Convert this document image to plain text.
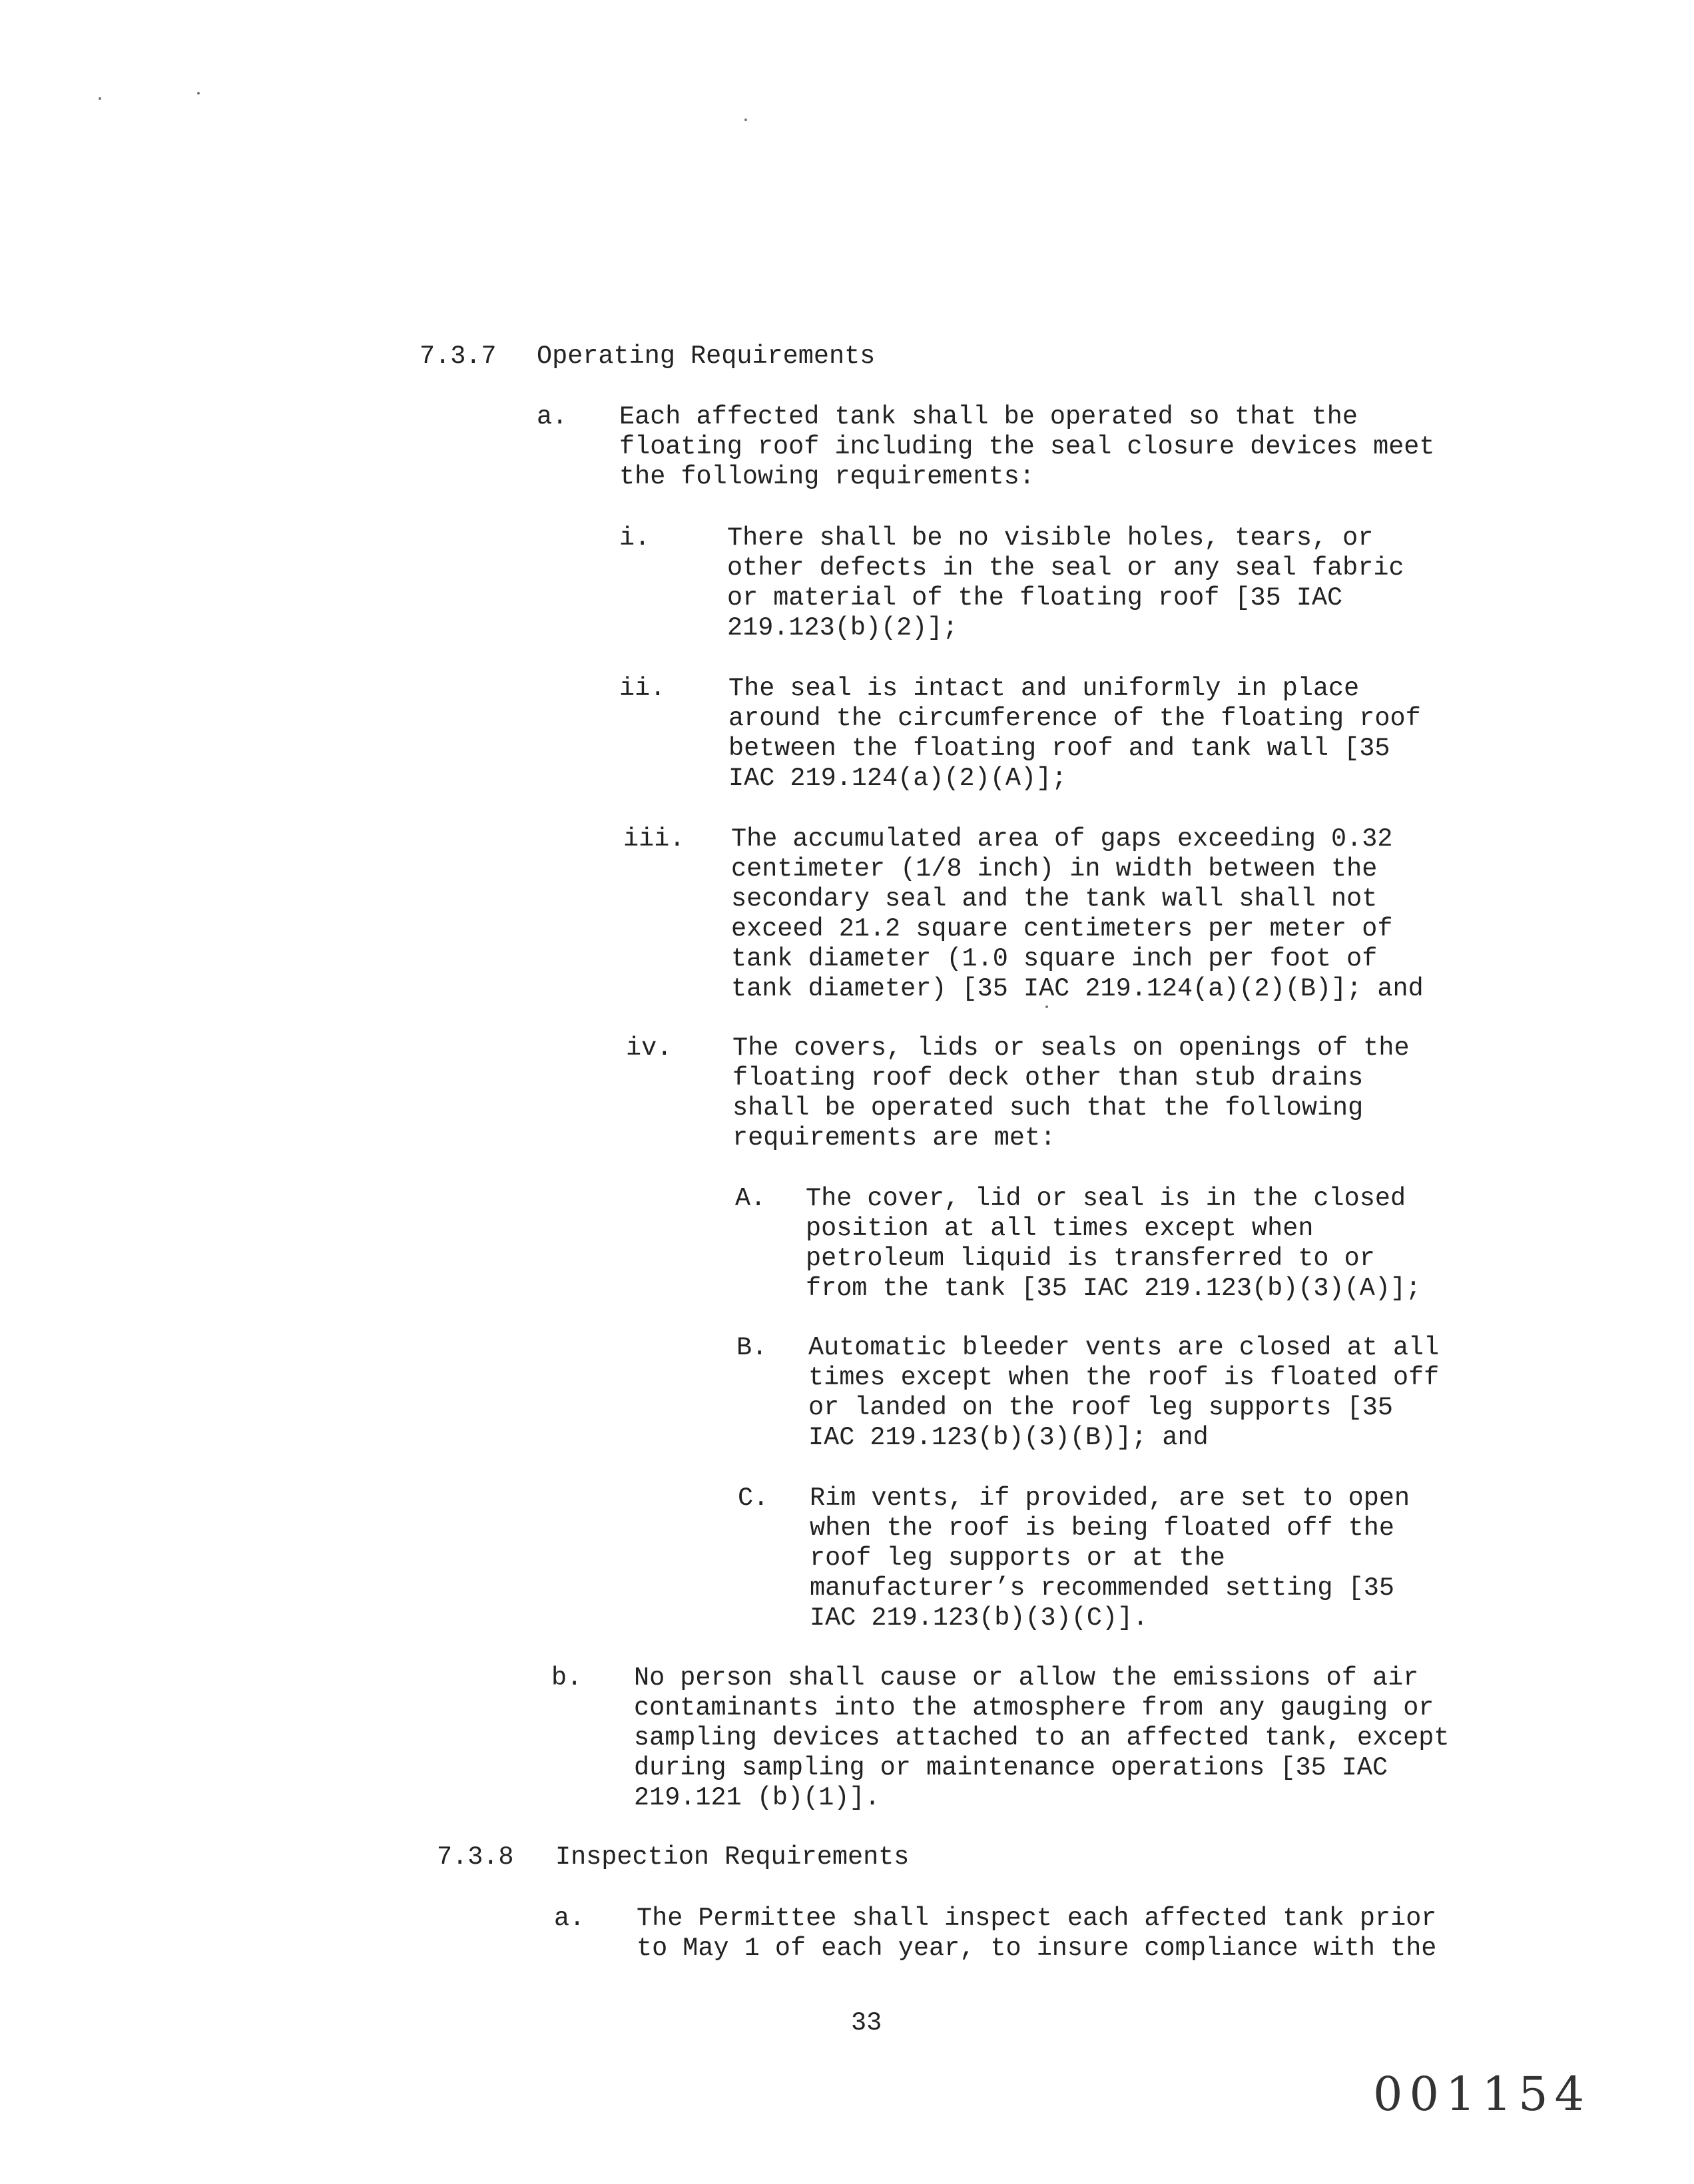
7.3.7 Operating Requirements
a. Each affected tank shall be operated so that the
floating roof including the seal closure devices meet
the following requirements:
i.	There shall be no visible holes, tears, or
other defects in the seal or any seal fabric
or material of the floating roof [35 IAC
219.123(b)(2)];
ii. The seal is intact and uniformly in place
around the circumference of the floating roof
between the floating roof and tank wall [35
IAC 219.124(a)(2)(A)];
iii. The accumulated area of gaps exceeding 0.32
centimeter (1/8 inch) in width between the
secondary seal and the tank wall shall not
exceed 21.2 square centimeters per meter of
tank diameter (1.0 square inch per foot of
tank diameter) [35 IAC 219.124(a)(2)(B)]; and
iv. The covers, lids or seals on openings of the
floating roof deck other than stub drains
shall be operated such that the following
requirements are met:
A. The cover, lid or seal is in the closed
position at all times except when
petroleum liquid is transferred to or
from the tank [35 IAC 219.123(b)(3)(A)];
B. Automatic bleeder vents are closed at all
times except when the roof is floated off
or landed on the roof leg supports [35
IAC 219.123(b)(3)(B)]; and
C. Rim vents, if provided, are set to open
when the roof is being floated off the
roof leg supports or at the
manufacturer’s recommended setting [35
IAC 219.123(b)(3)(C)].
b. No person shall cause or allow the emissions of air
contaminants into the atmosphere from any gauging or
sampling devices attached to an affected tank, except
during sampling or maintenance operations [35 IAC
219.121 (b)(1)].
7.3.8 Inspection Requirements
a. The Permittee shall inspect each affected tank prior
to May 1 of each year, to insure compliance with the
33
001154
